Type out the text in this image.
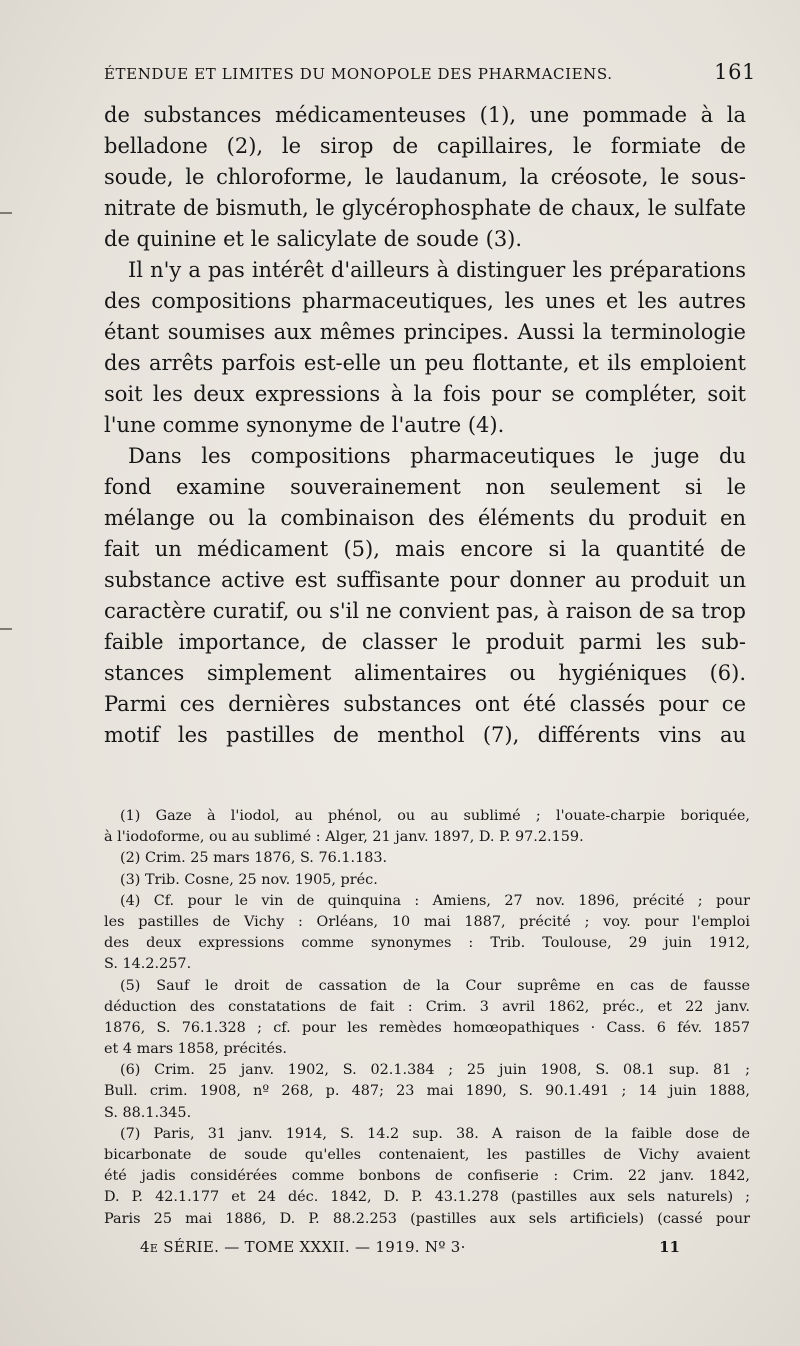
ÉTENDUE ET LIMITES DU MONOPOLE DES PHARMACIENS.	161
de substances médicamenteuses (1), une pommade à la
belladone (2), le sirop de capillaires, le formiate de
soude, le chloroforme, le laudanum, la créosote, le sous-
nitrate de bismuth, le glycérophosphate de chaux, le sulfate
de quinine et le salicylate de soude (3).
Il n'y a pas intérêt d'ailleurs à distinguer les préparations
des compositions pharmaceutiques, les unes et les autres
étant soumises aux mêmes principes. Aussi la terminologie
des arrêts parfois est-elle un peu flottante, et ils emploient
soit les deux expressions à la fois pour se compléter, soit
l'une comme synonyme de l'autre (4).
Dans les compositions pharmaceutiques le juge du
fond examine souverainement non seulement si le
mélange ou la combinaison des éléments du produit en
fait un médicament (5), mais encore si la quantité de
substance active est suffisante pour donner au produit un
caractère curatif, ou s'il ne convient pas, à raison de sa trop
faible importance, de classer le produit parmi les sub-
stances simplement alimentaires ou hygiéniques (6).
Parmi ces dernières substances ont été classés pour ce
motif les pastilles de menthol (7), différents vins au
(1) Gaze à l'iodol, au phénol, ou au sublimé ; l'ouate-charpie boriquée,
à l'iodoforme, ou au sublimé : Alger, 21 janv. 1897, D. P. 97.2.159.
(2) Crim. 25 mars 1876, S. 76.1.183.
(3) Trib. Cosne, 25 nov. 1905, préc.
(4) Cf. pour le vin de quinquina : Amiens, 27 nov. 1896, précité ; pour
les pastilles de Vichy : Orléans, 10 mai 1887, précité ; voy. pour l'emploi
des deux expressions comme synonymes : Trib. Toulouse, 29 juin 1912,
S. 14.2.257.
(5) Sauf le droit de cassation de la Cour suprême en cas de fausse
déduction des constatations de fait : Crim. 3 avril 1862, préc., et 22 janv.
1876, S. 76.1.328 ; cf. pour les remèdes homœopathiques · Cass. 6 fév. 1857
et 4 mars 1858, précités.
(6) Crim. 25 janv. 1902, S. 02.1.384 ; 25 juin 1908, S. 08.1 sup. 81 ;
Bull. crim. 1908, nº 268, p. 487; 23 mai 1890, S. 90.1.491 ; 14 juin 1888,
S. 88.1.345.
(7) Paris, 31 janv. 1914, S. 14.2 sup. 38. A raison de la faible dose de
bicarbonate de soude qu'elles contenaient, les pastilles de Vichy avaient
été jadis considérées comme bonbons de confiserie : Crim. 22 janv. 1842,
D. P. 42.1.177 et 24 déc. 1842, D. P. 43.1.278 (pastilles aux sels naturels) ;
Paris 25 mai 1886, D. P. 88.2.253 (pastilles aux sels artificiels) (cassé pour
4e SÉRIE. — TOME XXXII. — 1919. Nº 3·	11
